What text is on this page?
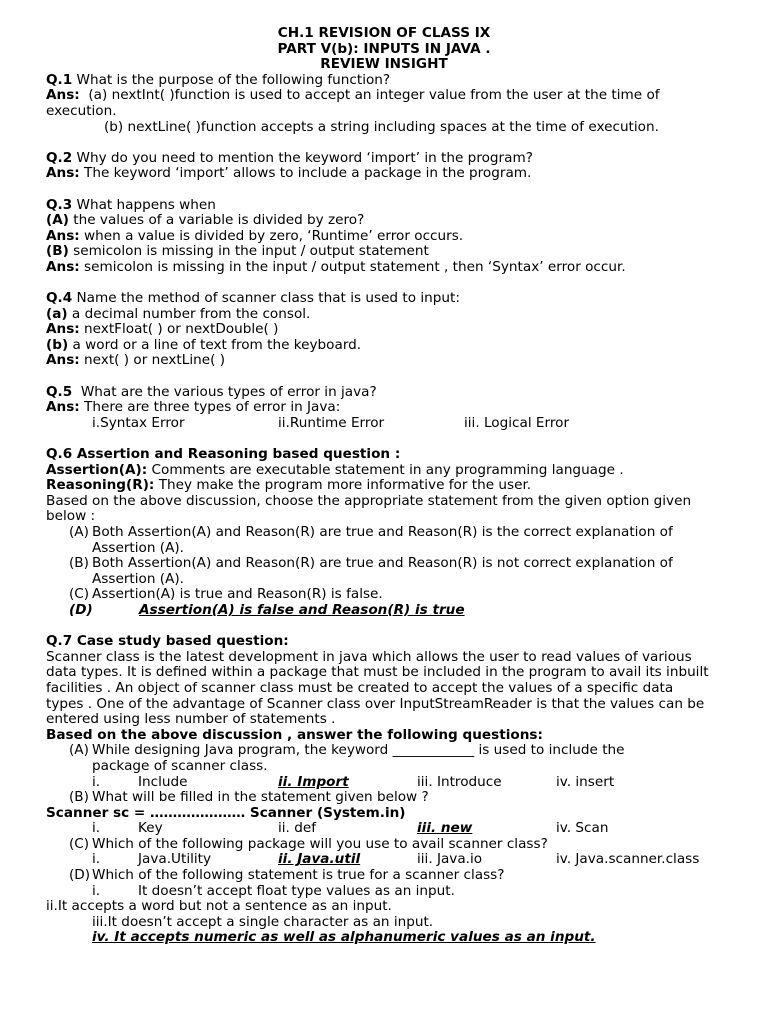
CH.1 REVISION OF CLASS IX
PART V(b): INPUTS IN JAVA .
REVIEW INSIGHT
Q.1 What is the purpose of the following function?
Ans:  (a) nextInt( )function is used to accept an integer value from the user at the time of execution.
(b) nextLine( )function accepts a string including spaces at the time of execution.
Q.2 Why do you need to mention the keyword ‘import’ in the program?
Ans: The keyword ‘import’ allows to include a package in the program.
Q.3 What happens when
(A) the values of a variable is divided by zero?
Ans: when a value is divided by zero, ‘Runtime’ error occurs.
(B) semicolon is missing in the input / output statement
Ans: semicolon is missing in the input / output statement , then ‘Syntax’ error occur.
Q.4 Name the method of scanner class that is used to input:
(a) a decimal number from the consol.
Ans: nextFloat( ) or nextDouble( )
(b) a word or a line of text from the keyboard.
Ans: next( ) or nextLine( )
Q.5  What are the various types of error in java?
Ans: There are three types of error in Java:
i.Syntax Error	ii.Runtime Error	iii. Logical Error
Q.6 Assertion and Reasoning based question :
Assertion(A): Comments are executable statement in any programming language .
Reasoning(R): They make the program more informative for the user.
Based on the above discussion, choose the appropriate statement from the given option given below :
(A) Both Assertion(A) and Reason(R) are true and Reason(R) is the correct explanation of Assertion (A).
(B) Both Assertion(A) and Reason(R) are true and Reason(R) is not correct explanation of Assertion (A).
(C) Assertion(A) is true and Reason(R) is false.
(D)	Assertion(A) is false and Reason(R) is true
Q.7 Case study based question:
Scanner class is the latest development in java which allows the user to read values of various data types. It is defined within a package that must be included in the program to avail its inbuilt facilities . An object of scanner class must be created to accept the values of a specific data types . One of the advantage of Scanner class over InputStreamReader is that the values can be entered using less number of statements .
Based on the above discussion , answer the following questions:
(A) While designing Java program, the keyword ____________ is used to include the package of scanner class.
i.	Include	ii. Import	iii. Introduce	iv. insert
(B) What will be filled in the statement given below ?
Scanner sc = ………………… Scanner (System.in)
i.	Key	ii. def	iii. new	iv. Scan
(C) Which of the following package will you use to avail scanner class?
i.	Java.Utility	ii. Java.util	iii. Java.io	iv. Java.scanner.class
(D) Which of the following statement is true for a scanner class?
i.	It doesn’t accept float type values as an input.
ii.It accepts a word but not a sentence as an input.
iii.It doesn’t accept a single character as an input.
iv. It accepts numeric as well as alphanumeric values as an input.
